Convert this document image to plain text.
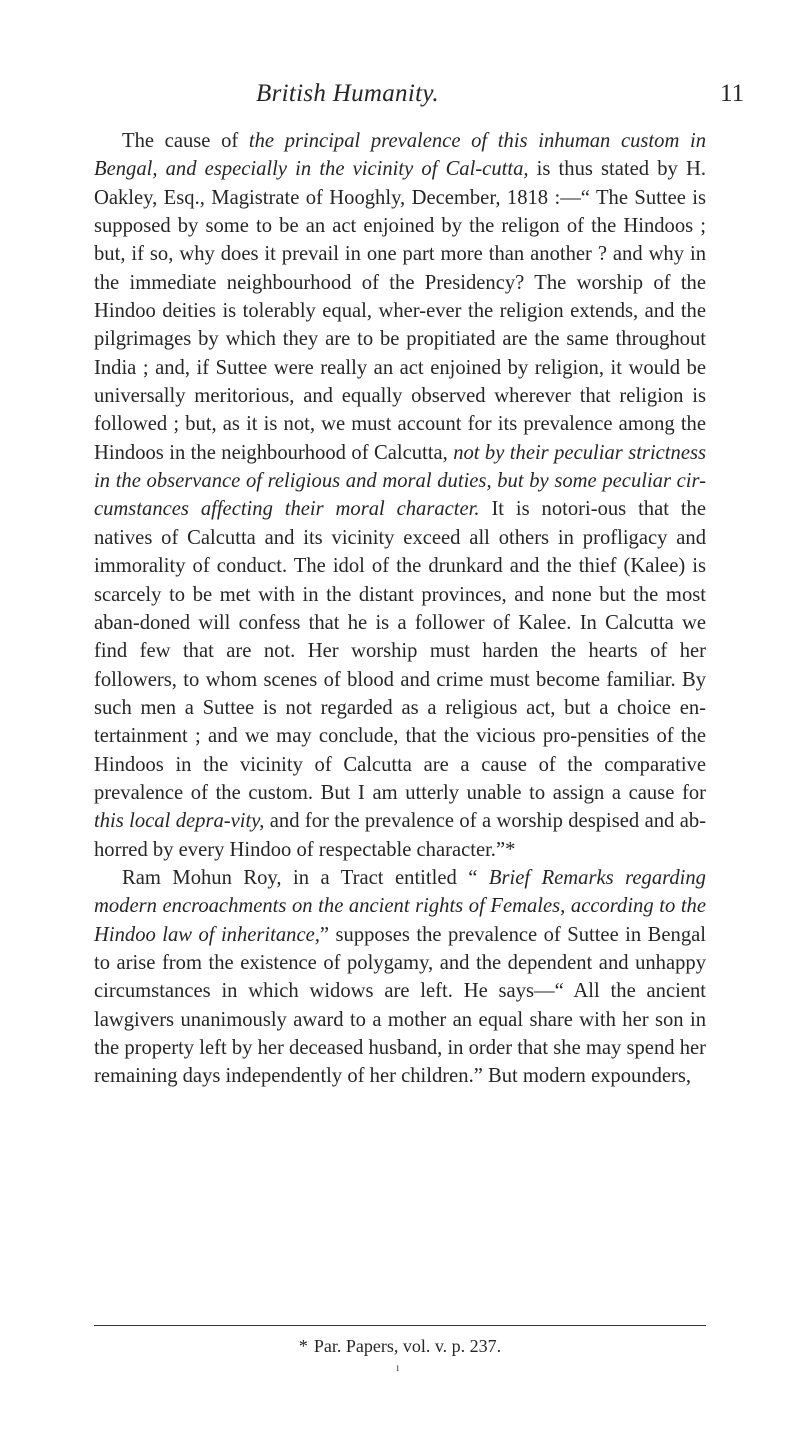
British Humanity.	11

The cause of the principal prevalence of this inhuman custom in Bengal, and especially in the vicinity of Cal-cutta, is thus stated by H. Oakley, Esq., Magistrate of Hooghly, December, 1818 :—“ The Suttee is supposed by some to be an act enjoined by the religon of the Hindoos ; but, if so, why does it prevail in one part more than another ? and why in the immediate neighbourhood of the Presidency? The worship of the Hindoo deities is tolerably equal, wher-ever the religion extends, and the pilgrimages by which they are to be propitiated are the same throughout India ; and, if Suttee were really an act enjoined by religion, it would be universally meritorious, and equally observed wherever that religion is followed ; but, as it is not, we must account for its prevalence among the Hindoos in the neighbourhood of Calcutta, not by their peculiar strictness in the observance of religious and moral duties, but by some peculiar cir-cumstances affecting their moral character. It is notori-ous that the natives of Calcutta and its vicinity exceed all others in profligacy and immorality of conduct. The idol of the drunkard and the thief (Kalee) is scarcely to be met with in the distant provinces, and none but the most aban-doned will confess that he is a follower of Kalee. In Calcutta we find few that are not. Her worship must harden the hearts of her followers, to whom scenes of blood and crime must become familiar. By such men a Suttee is not regarded as a religious act, but a choice en-tertainment ; and we may conclude, that the vicious pro-pensities of the Hindoos in the vicinity of Calcutta are a cause of the comparative prevalence of the custom. But I am utterly unable to assign a cause for this local depra-vity, and for the prevalence of a worship despised and ab-horred by every Hindoo of respectable character.”*

Ram Mohun Roy, in a Tract entitled “ Brief Remarks regarding modern encroachments on the ancient rights of Females, according to the Hindoo law of inheritance,” supposes the prevalence of Suttee in Bengal to arise from the existence of polygamy, and the dependent and unhappy circumstances in which widows are left. He says—“ All the ancient lawgivers unanimously award to a mother an equal share with her son in the property left by her deceased husband, in order that she may spend her remaining days independently of her children.” But modern expounders,

* Par. Papers, vol. v. p. 237.
ı
